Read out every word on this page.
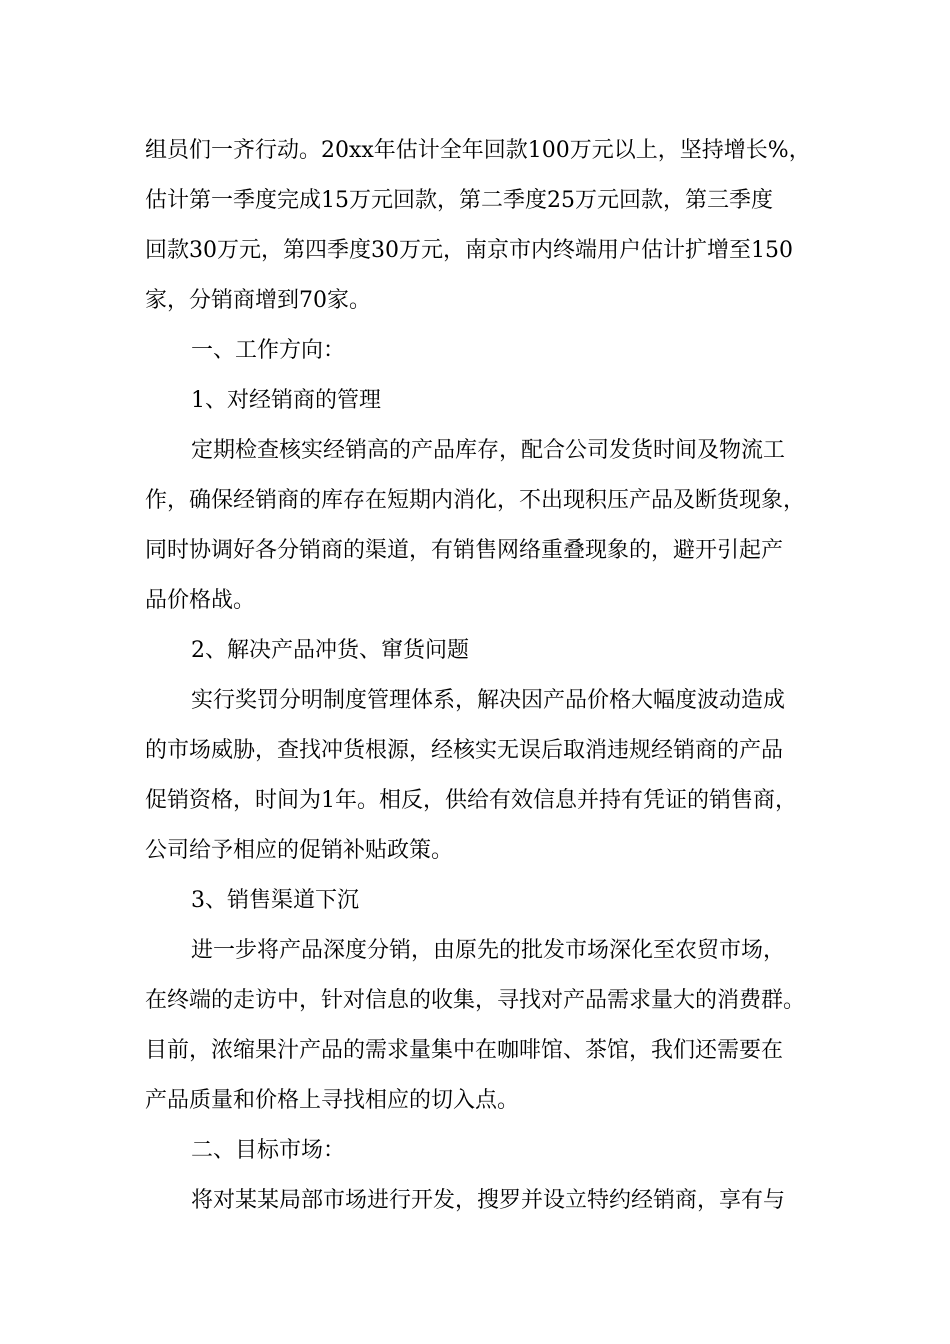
组员们一齐行动。20xx年估计全年回款100万元以上，坚持增长%，
估计第一季度完成15万元回款，第二季度25万元回款，第三季度
回款30万元，第四季度30万元，南京市内终端用户估计扩增至150
家，分销商增到70家。
一、工作方向：
1、对经销商的管理
定期检查核实经销高的产品库存，配合公司发货时间及物流工
作，确保经销商的库存在短期内消化，不出现积压产品及断货现象，
同时协调好各分销商的渠道，有销售网络重叠现象的，避开引起产
品价格战。
2、解决产品冲货、窜货问题
实行奖罚分明制度管理体系，解决因产品价格大幅度波动造成
的市场威胁，查找冲货根源，经核实无误后取消违规经销商的产品
促销资格，时间为1年。相反，供给有效信息并持有凭证的销售商，
公司给予相应的促销补贴政策。
3、销售渠道下沉
进一步将产品深度分销，由原先的批发市场深化至农贸市场，
在终端的走访中，针对信息的收集，寻找对产品需求量大的消费群。
目前，浓缩果汁产品的需求量集中在咖啡馆、茶馆，我们还需要在
产品质量和价格上寻找相应的切入点。
二、目标市场：
将对某某局部市场进行开发，搜罗并设立特约经销商，享有与
